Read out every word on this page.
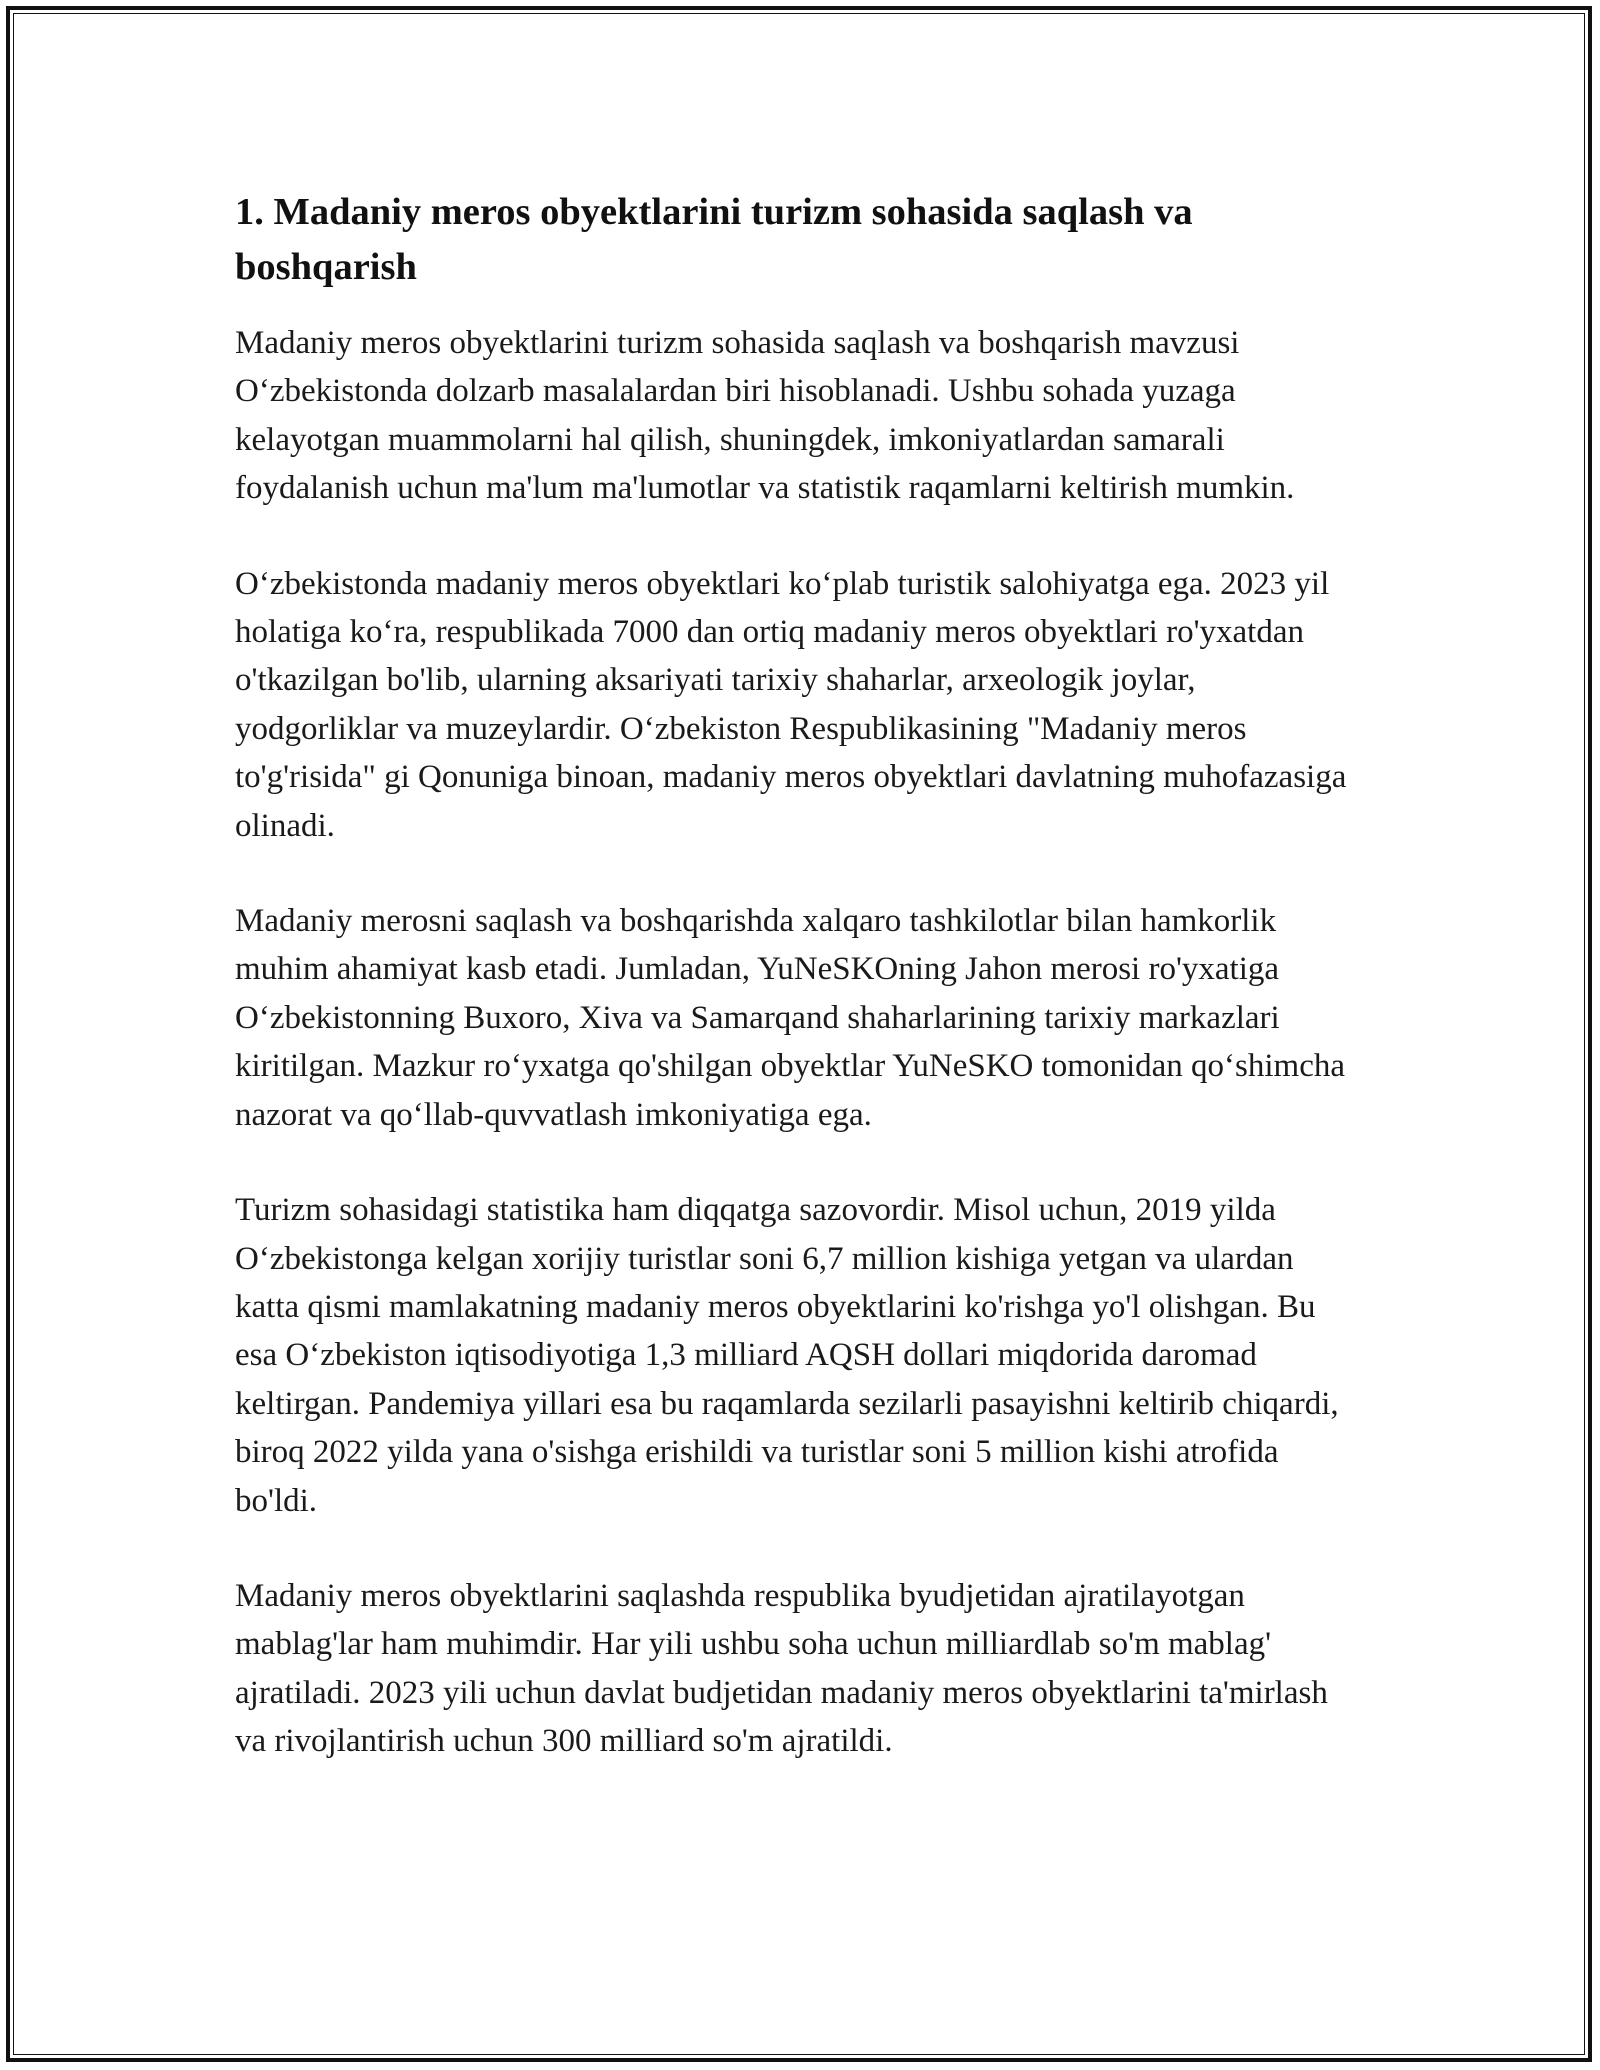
1. Madaniy meros obyektlarini turizm sohasida saqlash va boshqarish

Madaniy meros obyektlarini turizm sohasida saqlash va boshqarish mavzusi O‘zbekistonda dolzarb masalalardan biri hisoblanadi. Ushbu sohada yuzaga kelayotgan muammolarni hal qilish, shuningdek, imkoniyatlardan samarali foydalanish uchun ma'lum ma'lumotlar va statistik raqamlarni keltirish mumkin.

O‘zbekistonda madaniy meros obyektlari ko‘plab turistik salohiyatga ega. 2023 yil holatiga ko‘ra, respublikada 7000 dan ortiq madaniy meros obyektlari ro'yxatdan o'tkazilgan bo'lib, ularning aksariyati tarixiy shaharlar, arxeologik joylar, yodgorliklar va muzeylardir. O‘zbekiston Respublikasining "Madaniy meros to'g'risida" gi Qonuniga binoan, madaniy meros obyektlari davlatning muhofazasiga olinadi.

Madaniy merosni saqlash va boshqarishda xalqaro tashkilotlar bilan hamkorlik muhim ahamiyat kasb etadi. Jumladan, YuNeSKOning Jahon merosi ro'yxatiga O‘zbekistonning Buxoro, Xiva va Samarqand shaharlarining tarixiy markazlari kiritilgan. Mazkur ro‘yxatga qo'shilgan obyektlar YuNeSKO tomonidan qo‘shimcha nazorat va qo‘llab-quvvatlash imkoniyatiga ega.

Turizm sohasidagi statistika ham diqqatga sazovordir. Misol uchun, 2019 yilda O‘zbekistonga kelgan xorijiy turistlar soni 6,7 million kishiga yetgan va ulardan katta qismi mamlakatning madaniy meros obyektlarini ko'rishga yo'l olishgan. Bu esa O‘zbekiston iqtisodiyotiga 1,3 milliard AQSH dollari miqdorida daromad keltirgan. Pandemiya yillari esa bu raqamlarda sezilarli pasayishni keltirib chiqardi, biroq 2022 yilda yana o'sishga erishildi va turistlar soni 5 million kishi atrofida bo'ldi.

Madaniy meros obyektlarini saqlashda respublika byudjetidan ajratilayotgan mablag'lar ham muhimdir. Har yili ushbu soha uchun milliardlab so'm mablag' ajratiladi. 2023 yili uchun davlat budjetidan madaniy meros obyektlarini ta'mirlash va rivojlantirish uchun 300 milliard so'm ajratildi.
